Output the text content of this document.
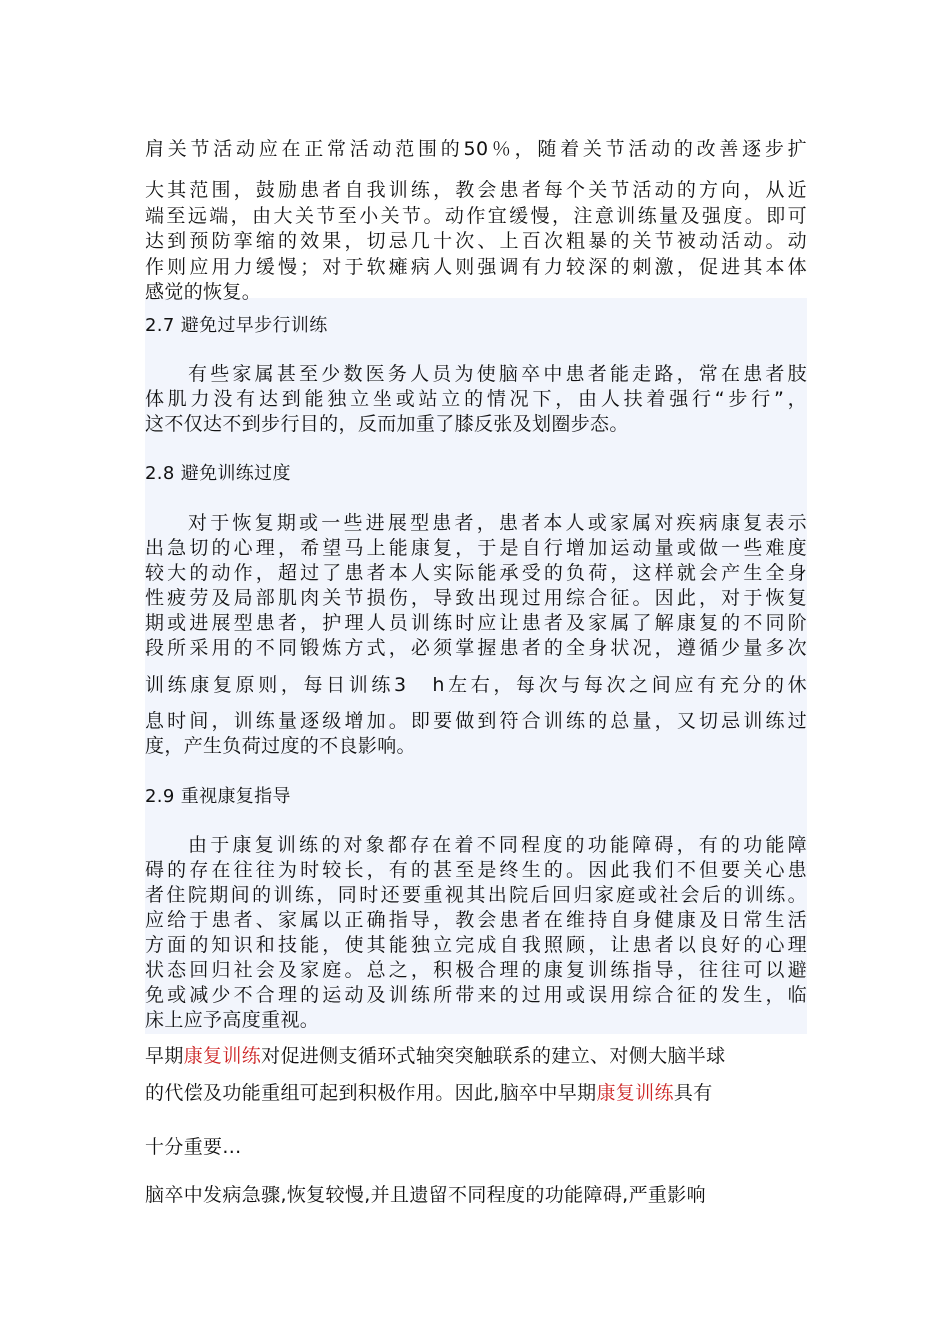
肩关节活动应在正常活动范围的50％，随着关节活动的改善逐步扩
大其范围，鼓励患者自我训练，教会患者每个关节活动的方向，从近
端至远端，由大关节至小关节。动作宜缓慢，注意训练量及强度。即可
达到预防挛缩的效果，切忌几十次、上百次粗暴的关节被动活动。动
作则应用力缓慢；对于软瘫病人则强调有力较深的刺激，促进其本体
感觉的恢复。
2.7 避免过早步行训练
有些家属甚至少数医务人员为使脑卒中患者能走路，常在患者肢
体肌力没有达到能独立坐或站立的情况下，由人扶着强行“步行”，
这不仅达不到步行目的，反而加重了膝反张及划圈步态。
2.8 避免训练过度
对于恢复期或一些进展型患者，患者本人或家属对疾病康复表示
出急切的心理，希望马上能康复，于是自行增加运动量或做一些难度
较大的动作，超过了患者本人实际能承受的负荷，这样就会产生全身
性疲劳及局部肌肉关节损伤，导致出现过用综合征。因此，对于恢复
期或进展型患者，护理人员训练时应让患者及家属了解康复的不同阶
段所采用的不同锻炼方式，必须掌握患者的全身状况，遵循少量多次
训练康复原则，每日训练3　h左右，每次与每次之间应有充分的休
息时间，训练量逐级增加。即要做到符合训练的总量，又切忌训练过
度，产生负荷过度的不良影响。
2.9 重视康复指导
由于康复训练的对象都存在着不同程度的功能障碍，有的功能障
碍的存在往往为时较长，有的甚至是终生的。因此我们不但要关心患
者住院期间的训练，同时还要重视其出院后回归家庭或社会后的训练。
应给于患者、家属以正确指导，教会患者在维持自身健康及日常生活
方面的知识和技能，使其能独立完成自我照顾，让患者以良好的心理
状态回归社会及家庭。总之，积极合理的康复训练指导，往往可以避
免或减少不合理的运动及训练所带来的过用或误用综合征的发生，临
床上应予高度重视。
早期康复训练对促进侧支循环式轴突突触联系的建立、对侧大脑半球
的代偿及功能重组可起到积极作用。因此,脑卒中早期康复训练具有
十分重要...
脑卒中发病急骤,恢复较慢,并且遗留不同程度的功能障碍,严重影响
